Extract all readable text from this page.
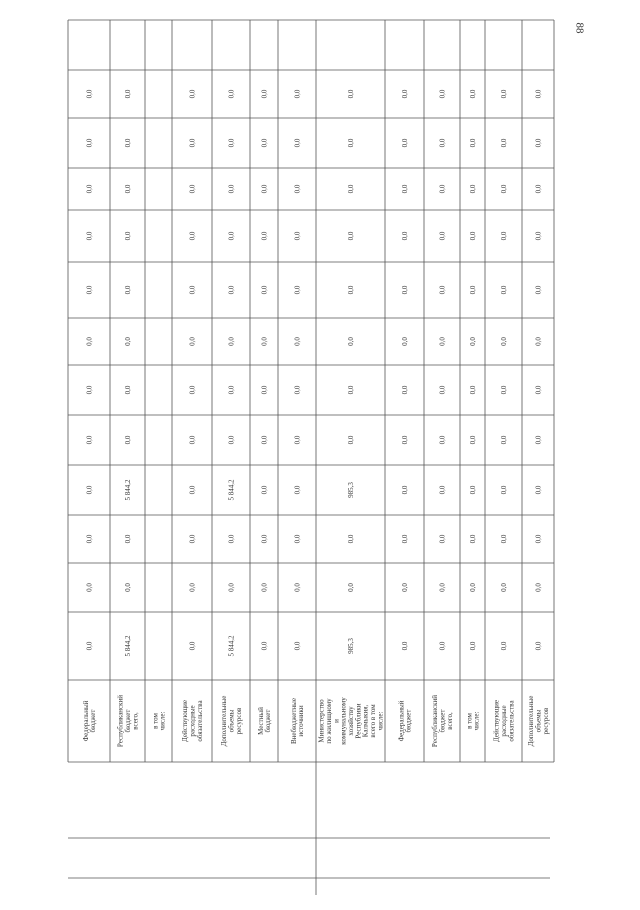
88
Федеральныйбюджет
0,0
0,0
0,0
0,0
0,0
0,0
0,0
0,0
0,0
0,0
0,0
0,0
Республиканскийбюджетвсего,
5 844,2
0,0
0,0
5 844,2
0,0
0,0
0,0
0,0
0,0
0,0
0,0
0,0
в томчисле: Действующиерасходныеобязательства
0,0
0,0
0,0
0,0
0,0
0,0
0,0
0,0
0,0
0,0
0,0
0,0
Дополнительныеобъемыресурсов
5 844,2
0,0
0,0
5 844,2
0,0
0,0
0,0
0,0
0,0
0,0
0,0
0,0
Местныйбюджет
0,0
0,0
0,0
0,0
0,0
0,0
0,0
0,0
0,0
0,0
0,0
0,0
Внебюджетныеисточники
0,0
0,0
0,0
0,0
0,0
0,0
0,0
0,0
0,0
0,0
0,0
0,0
Министерствопо жилищномуикоммунальномухозяйствуРеспубликиКалмыкия,всего в томчисле:
985,3
0,0
0,0
985,3
0,0
0,0
0,0
0,0
0,0
0,0
0,0
0,0
Федеральныйбюджет
0,0
0,0
0,0
0,0
0,0
0,0
0,0
0,0
0,0
0,0
0,0
0,0
Республиканскийбюджетвсего,
0,0
0,0
0,0
0,0
0,0
0,0
0,0
0,0
0,0
0,0
0,0
0,0
в томчисле:
0,0
0,0
0,0
0,0
0,0
0,0
0,0
0,0
0,0
0,0
0,0
0,0
Действующиерасходныеобязательства
0,0
0,0
0,0
0,0
0,0
0,0
0,0
0,0
0,0
0,0
0,0
0,0
Дополнительныеобъемыресурсов
0,0
0,0
0,0
0,0
0,0
0,0
0,0
0,0
0,0
0,0
0,0
0,0
